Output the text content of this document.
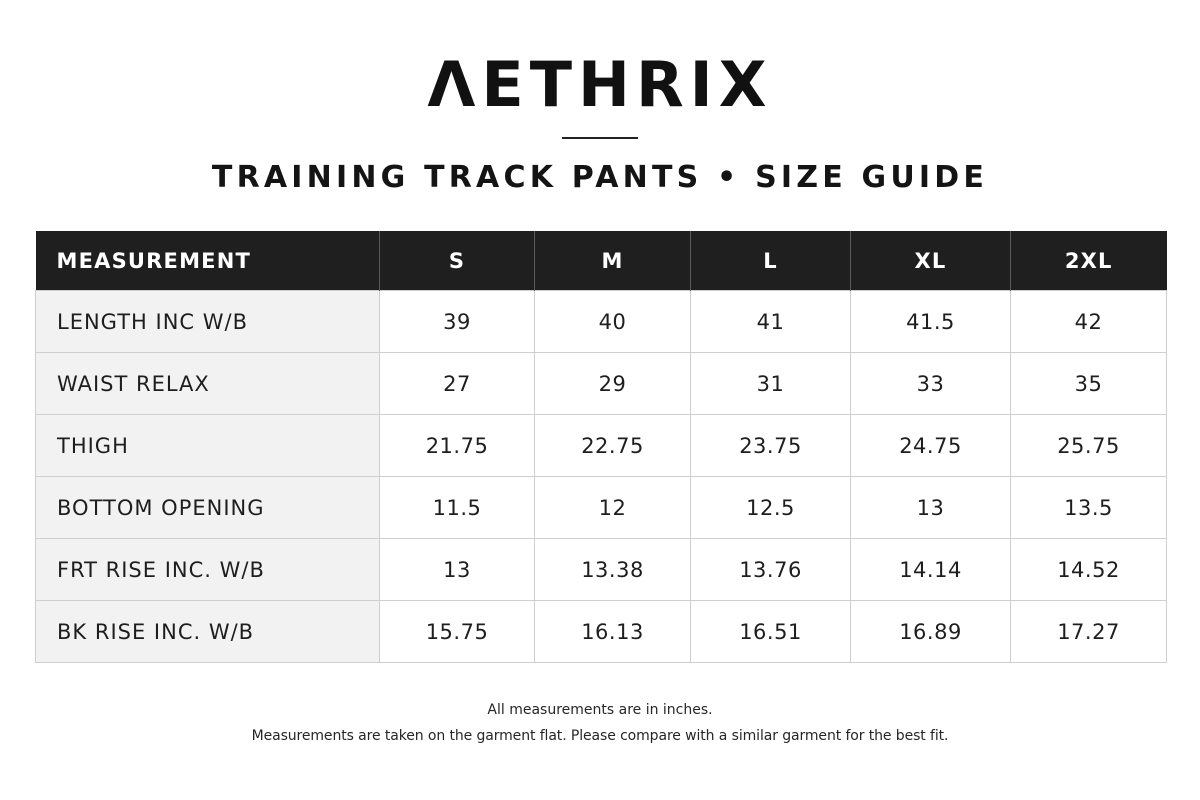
ΛETHRIX
TRAINING TRACK PANTS • SIZE GUIDE
MEASUREMENT	S	M	L	XL	2XL
LENGTH INC W/B	39	40	41	41.5	42
WAIST RELAX	27	29	31	33	35
THIGH	21.75	22.75	23.75	24.75	25.75
BOTTOM OPENING	11.5	12	12.5	13	13.5
FRT RISE INC. W/B	13	13.38	13.76	14.14	14.52
BK RISE INC. W/B	15.75	16.13	16.51	16.89	17.27
All measurements are in inches.
Measurements are taken on the garment flat. Please compare with a similar garment for the best fit.
